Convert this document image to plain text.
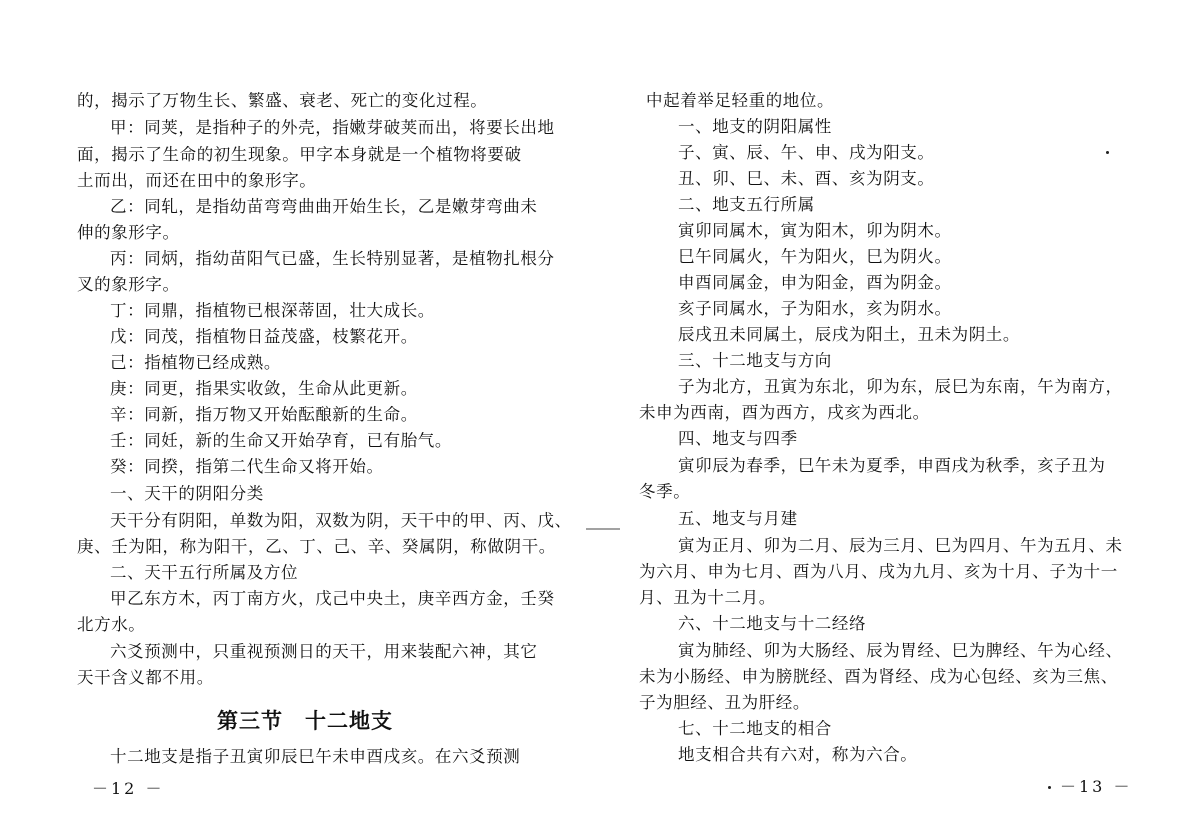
的，揭示了万物生长、繁盛、衰老、死亡的变化过程。
甲：同荚，是指种子的外壳，指嫩芽破荚而出，将要长出地
面，揭示了生命的初生现象。甲字本身就是一个植物将要破
土而出，而还在田中的象形字。
乙：同轧，是指幼苗弯弯曲曲开始生长，乙是嫩芽弯曲未
伸的象形字。
丙：同炳，指幼苗阳气已盛，生长特别显著，是植物扎根分
叉的象形字。
丁：同鼎，指植物已根深蒂固，壮大成长。
戊：同茂，指植物日益茂盛，枝繁花开。
己：指植物已经成熟。
庚：同更，指果实收敛，生命从此更新。
辛：同新，指万物又开始酝酿新的生命。
壬：同妊，新的生命又开始孕育，已有胎气。
癸：同揆，指第二代生命又将开始。
一、天干的阴阳分类
天干分有阴阳，单数为阳，双数为阴，天干中的甲、丙、戊、
庚、壬为阳，称为阳干，乙、丁、己、辛、癸属阴，称做阴干。
二、天干五行所属及方位
甲乙东方木，丙丁南方火，戊己中央土，庚辛西方金，壬癸
北方水。
六爻预测中，只重视预测日的天干，用来装配六神，其它
天干含义都不用。
第三节　十二地支
十二地支是指子丑寅卯辰巳午未申酉戌亥。在六爻预测
－12 －
中起着举足轻重的地位。
一、地支的阴阳属性
子、寅、辰、午、申、戌为阳支。
丑、卯、巳、未、酉、亥为阴支。
二、地支五行所属
寅卯同属木，寅为阳木，卯为阴木。
巳午同属火，午为阳火，巳为阴火。
申酉同属金，申为阳金，酉为阴金。
亥子同属水，子为阳水，亥为阴水。
辰戌丑未同属土，辰戌为阳土，丑未为阴土。
三、十二地支与方向
子为北方，丑寅为东北，卯为东，辰巳为东南，午为南方，
未申为西南，酉为西方，戌亥为西北。
四、地支与四季
寅卯辰为春季，巳午未为夏季，申酉戌为秋季，亥子丑为
冬季。
五、地支与月建
寅为正月、卯为二月、辰为三月、巳为四月、午为五月、未
为六月、申为七月、酉为八月、戌为九月、亥为十月、子为十一
月、丑为十二月。
六、十二地支与十二经络
寅为肺经、卯为大肠经、辰为胃经、巳为脾经、午为心经、
未为小肠经、申为膀胱经、酉为肾经、戌为心包经、亥为三焦、
子为胆经、丑为肝经。
七、十二地支的相合
地支相合共有六对，称为六合。
－13 －
